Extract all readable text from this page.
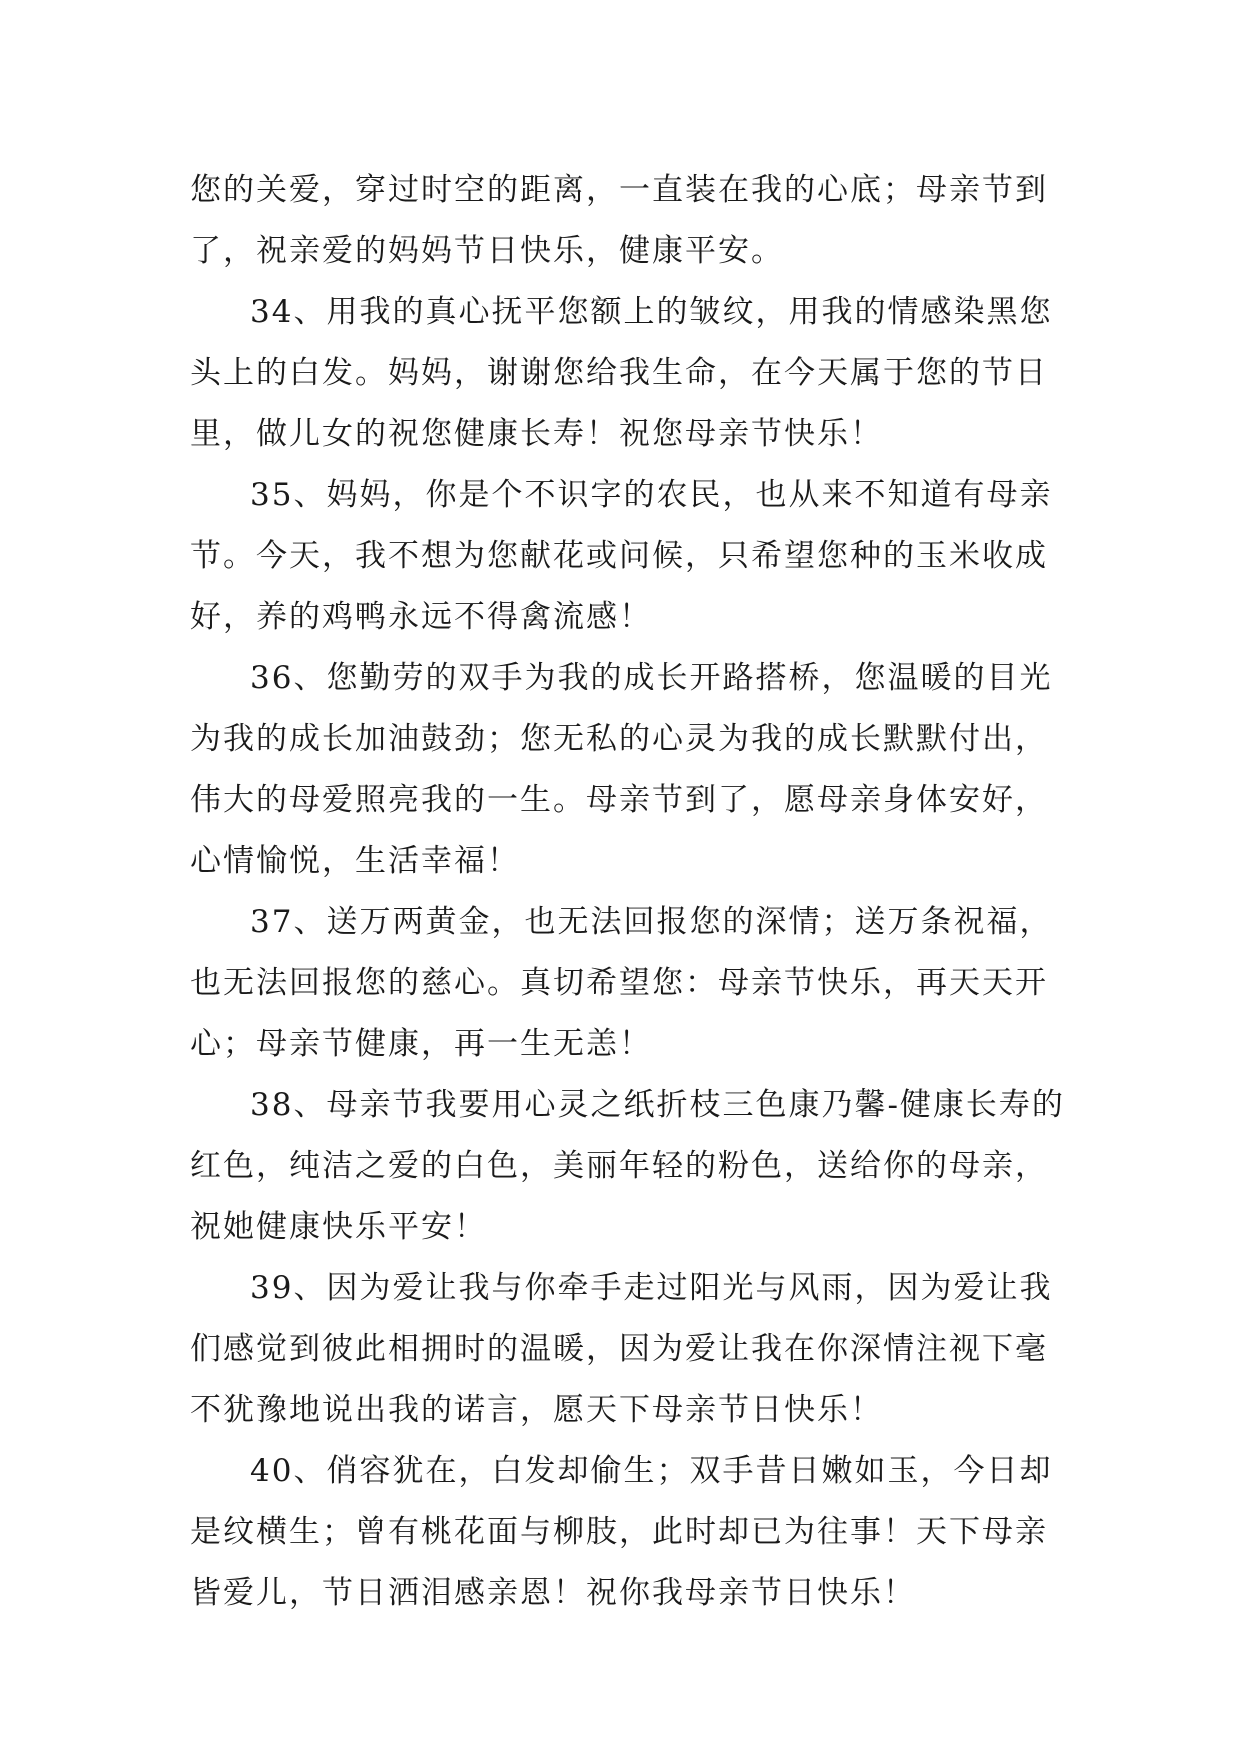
您的关爱，穿过时空的距离，一直装在我的心底；母亲节到了，祝亲爱的妈妈节日快乐，健康平安。

34、用我的真心抚平您额上的皱纹，用我的情感染黑您头上的白发。妈妈，谢谢您给我生命，在今天属于您的节日里，做儿女的祝您健康长寿！祝您母亲节快乐！

35、妈妈，你是个不识字的农民，也从来不知道有母亲节。今天，我不想为您献花或问候，只希望您种的玉米收成好，养的鸡鸭永远不得禽流感！

36、您勤劳的双手为我的成长开路搭桥，您温暖的目光为我的成长加油鼓劲；您无私的心灵为我的成长默默付出，伟大的母爱照亮我的一生。母亲节到了，愿母亲身体安好，心情愉悦，生活幸福！

37、送万两黄金，也无法回报您的深情；送万条祝福，也无法回报您的慈心。真切希望您：母亲节快乐，再天天开心；母亲节健康，再一生无恙！

38、母亲节我要用心灵之纸折枝三色康乃馨-健康长寿的红色，纯洁之爱的白色，美丽年轻的粉色，送给你的母亲，祝她健康快乐平安！

39、因为爱让我与你牵手走过阳光与风雨，因为爱让我们感觉到彼此相拥时的温暖，因为爱让我在你深情注视下毫不犹豫地说出我的诺言，愿天下母亲节日快乐！

40、俏容犹在，白发却偷生；双手昔日嫩如玉，今日却是纹横生；曾有桃花面与柳肢，此时却已为往事！天下母亲皆爱儿，节日洒泪感亲恩！祝你我母亲节日快乐！
